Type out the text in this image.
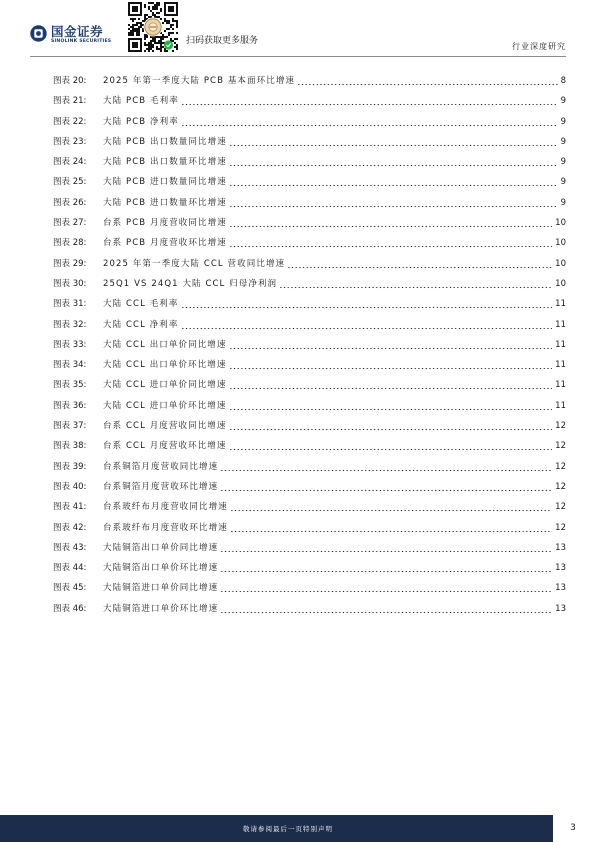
国金证券
SINOLINK SECURITIES	扫码获取更多服务
行业深度研究
图表 20:	2025 年第一季度大陆 PCB 基本面环比增速	8
图表 21:	大陆 PCB 毛利率	9
图表 22:	大陆 PCB 净利率	9
图表 23:	大陆 PCB 出口数量同比增速	9
图表 24:	大陆 PCB 出口数量环比增速	9
图表 25:	大陆 PCB 进口数量同比增速	9
图表 26:	大陆 PCB 进口数量环比增速	9
图表 27:	台系 PCB 月度营收同比增速	10
图表 28:	台系 PCB 月度营收环比增速	10
图表 29:	2025 年第一季度大陆 CCL 营收同比增速	10
图表 30:	25Q1 VS 24Q1 大陆 CCL 归母净利润	10
图表 31:	大陆 CCL 毛利率	11
图表 32:	大陆 CCL 净利率	11
图表 33:	大陆 CCL 出口单价同比增速	11
图表 34:	大陆 CCL 出口单价环比增速	11
图表 35:	大陆 CCL 进口单价同比增速	11
图表 36:	大陆 CCL 进口单价环比增速	11
图表 37:	台系 CCL 月度营收同比增速	12
图表 38:	台系 CCL 月度营收环比增速	12
图表 39:	台系铜箔月度营收同比增速	12
图表 40:	台系铜箔月度营收环比增速	12
图表 41:	台系玻纤布月度营收同比增速	12
图表 42:	台系玻纤布月度营收环比增速	12
图表 43:	大陆铜箔出口单价同比增速	13
图表 44:	大陆铜箔出口单价环比增速	13
图表 45:	大陆铜箔进口单价同比增速	13
图表 46:	大陆铜箔进口单价环比增速	13
敬请参阅最后一页特别声明	3
